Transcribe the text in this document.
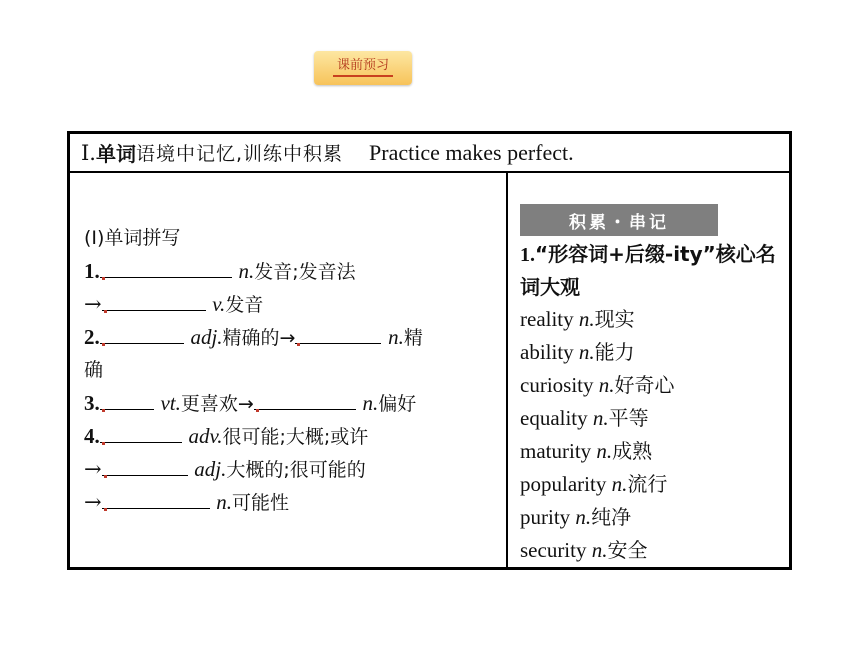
课前预习
Ⅰ. 单词 语境中记忆,训练中积累 Practice makes perfect.
(Ⅰ)单词拼写
1.	n.发音;发音法
→	v.发音
2.	adj.精确的→	n.精
确
3.	vt.更喜欢→	n.偏好
4.	adv.很可能;大概;或许
→	adj.大概的;很可能的
→	n.可能性
积累・串记
1.“形容词+后缀-ity”核心名词大观
reality n.现实
ability n.能力
curiosity n.好奇心
equality n.平等
maturity n.成熟
popularity n.流行
purity n.纯净
security n.安全
